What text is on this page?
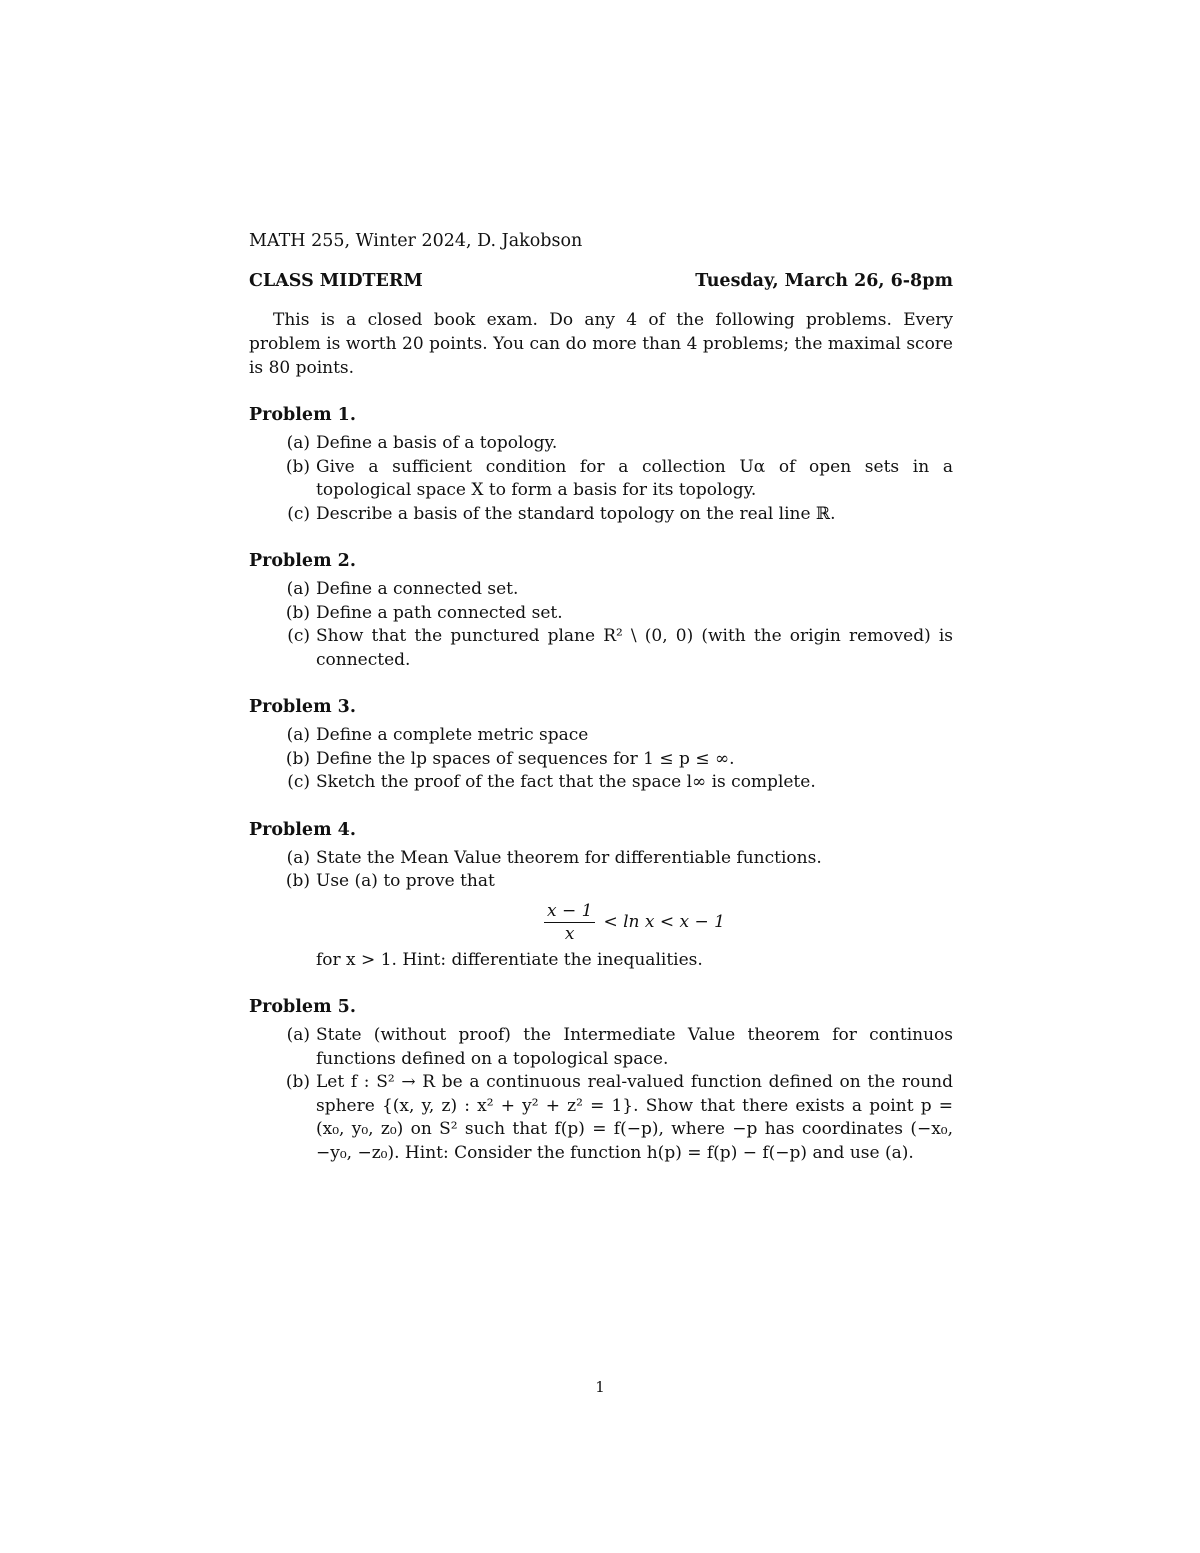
MATH 255, Winter 2024, D. Jakobson

CLASS MIDTERM	Tuesday, March 26, 6-8pm

This is a closed book exam. Do any 4 of the following problems. Every problem is worth 20 points. You can do more than 4 problems; the maximal score is 80 points.

Problem 1.
(a) Define a basis of a topology.
(b) Give a sufficient condition for a collection Uα of open sets in a topological space X to form a basis for its topology.
(c) Describe a basis of the standard topology on the real line ℝ.
Problem 2.
(a) Define a connected set.
(b) Define a path connected set.
(c) Show that the punctured plane R² \ (0, 0) (with the origin removed) is connected.
Problem 3.
(a) Define a complete metric space
(b) Define the lp spaces of sequences for 1 ≤ p ≤ ∞.
(c) Sketch the proof of the fact that the space l∞ is complete.
Problem 4.
(a) State the Mean Value theorem for differentiable functions.
(b) Use (a) to prove that
$\frac{x - 1}{x} < \ln x < x - 1$
for x > 1. Hint: differentiate the inequalities.
Problem 5.
(a) State (without proof) the Intermediate Value theorem for continuos functions defined on a topological space.
(b) Let f : S² → R be a continuous real-valued function defined on the round sphere {(x, y, z) : x² + y² + z² = 1}. Show that there exists a point p = (x₀, y₀, z₀) on S² such that f(p) = f(−p), where −p has coordinates (−x₀, −y₀, −z₀). Hint: Consider the function h(p) = f(p) − f(−p) and use (a).
1
